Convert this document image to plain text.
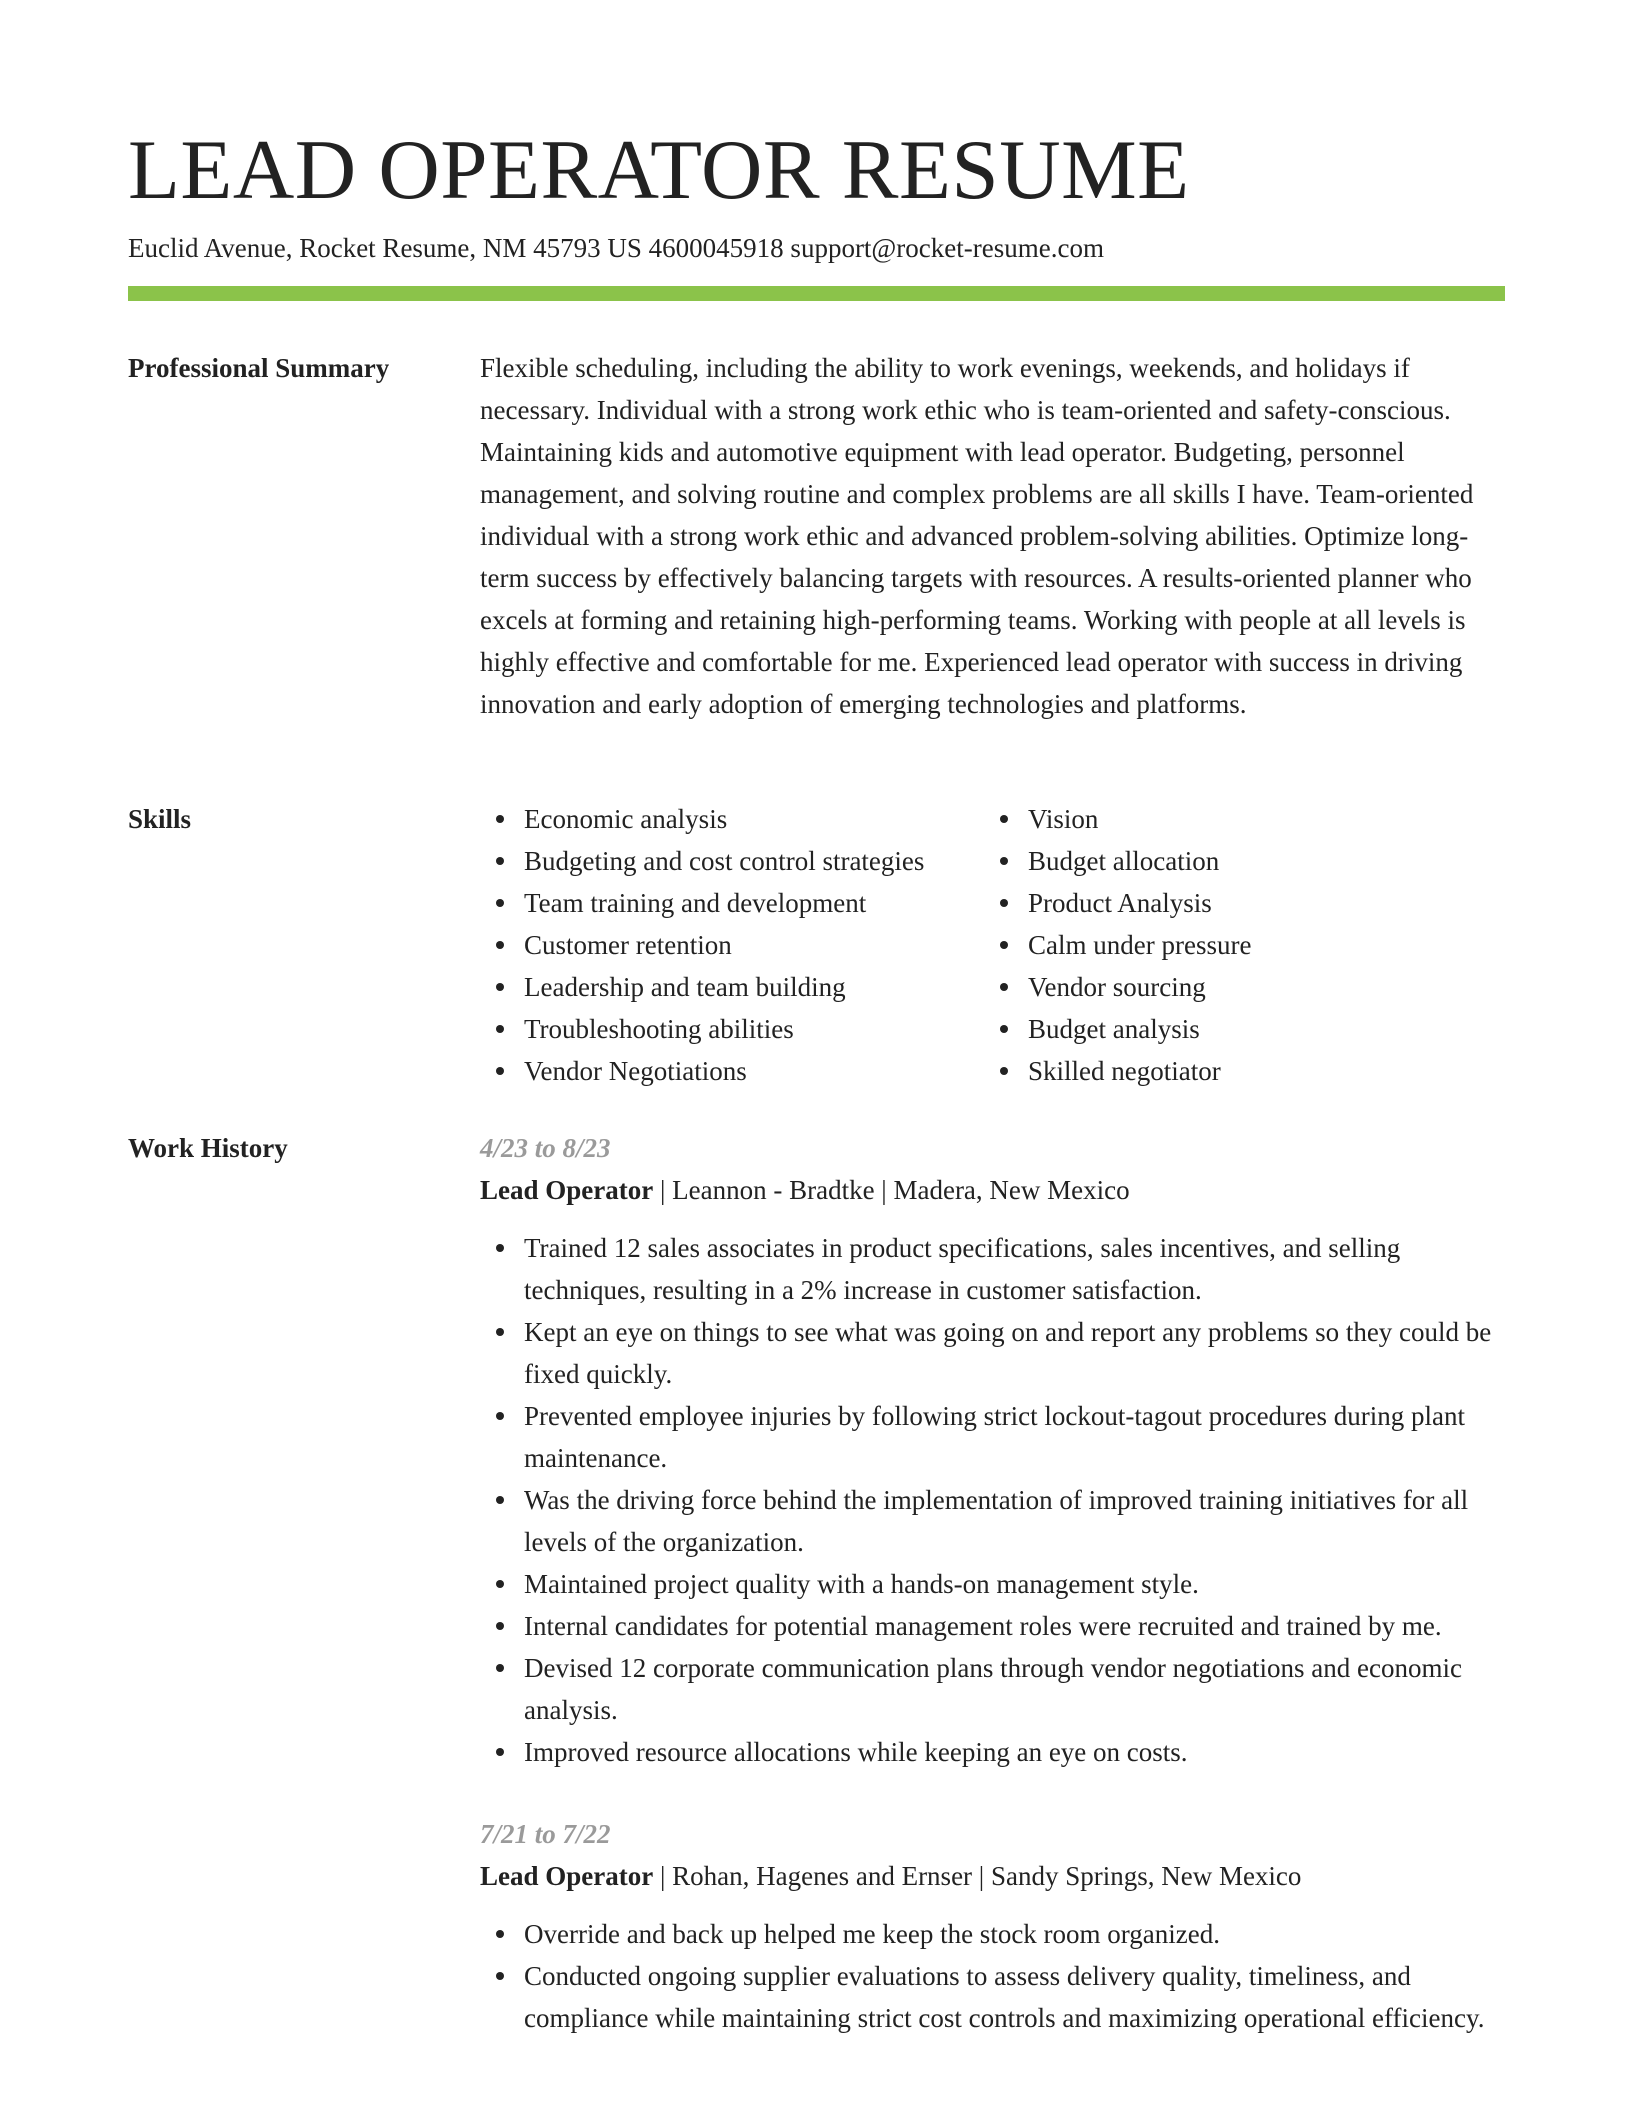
LEAD OPERATOR RESUME
Euclid Avenue, Rocket Resume, NM 45793 US 4600045918 support@rocket-resume.com
Professional Summary	Flexible scheduling, including the ability to work evenings, weekends, and holidays if necessary. Individual with a strong work ethic who is team-oriented and safety-conscious. Maintaining kids and automotive equipment with lead operator. Budgeting, personnel management, and solving routine and complex problems are all skills I have. Team-oriented individual with a strong work ethic and advanced problem-solving abilities. Optimize long-term success by effectively balancing targets with resources. A results-oriented planner who excels at forming and retaining high-performing teams. Working with people at all levels is highly effective and comfortable for me. Experienced lead operator with success in driving innovation and early adoption of emerging technologies and platforms.

Skills	Economic analysis
Budgeting and cost control strategies
Team training and development
Customer retention
Leadership and team building
Troubleshooting abilities
Vendor Negotiations
Vision
Budget allocation
Product Analysis
Calm under pressure
Vendor sourcing
Budget analysis
Skilled negotiator
Work History	4/23 to 8/23
Lead Operator | Leannon - Bradtke | Madera, New Mexico
Trained 12 sales associates in product specifications, sales incentives, and selling techniques, resulting in a 2% increase in customer satisfaction.
Kept an eye on things to see what was going on and report any problems so they could be fixed quickly.
Prevented employee injuries by following strict lockout-tagout procedures during plant maintenance.
Was the driving force behind the implementation of improved training initiatives for all levels of the organization.
Maintained project quality with a hands-on management style.
Internal candidates for potential management roles were recruited and trained by me.
Devised 12 corporate communication plans through vendor negotiations and economic analysis.
Improved resource allocations while keeping an eye on costs.
7/21 to 7/22
Lead Operator | Rohan, Hagenes and Ernser | Sandy Springs, New Mexico
Override and back up helped me keep the stock room organized.
Conducted ongoing supplier evaluations to assess delivery quality, timeliness, and compliance while maintaining strict cost controls and maximizing operational efficiency.
